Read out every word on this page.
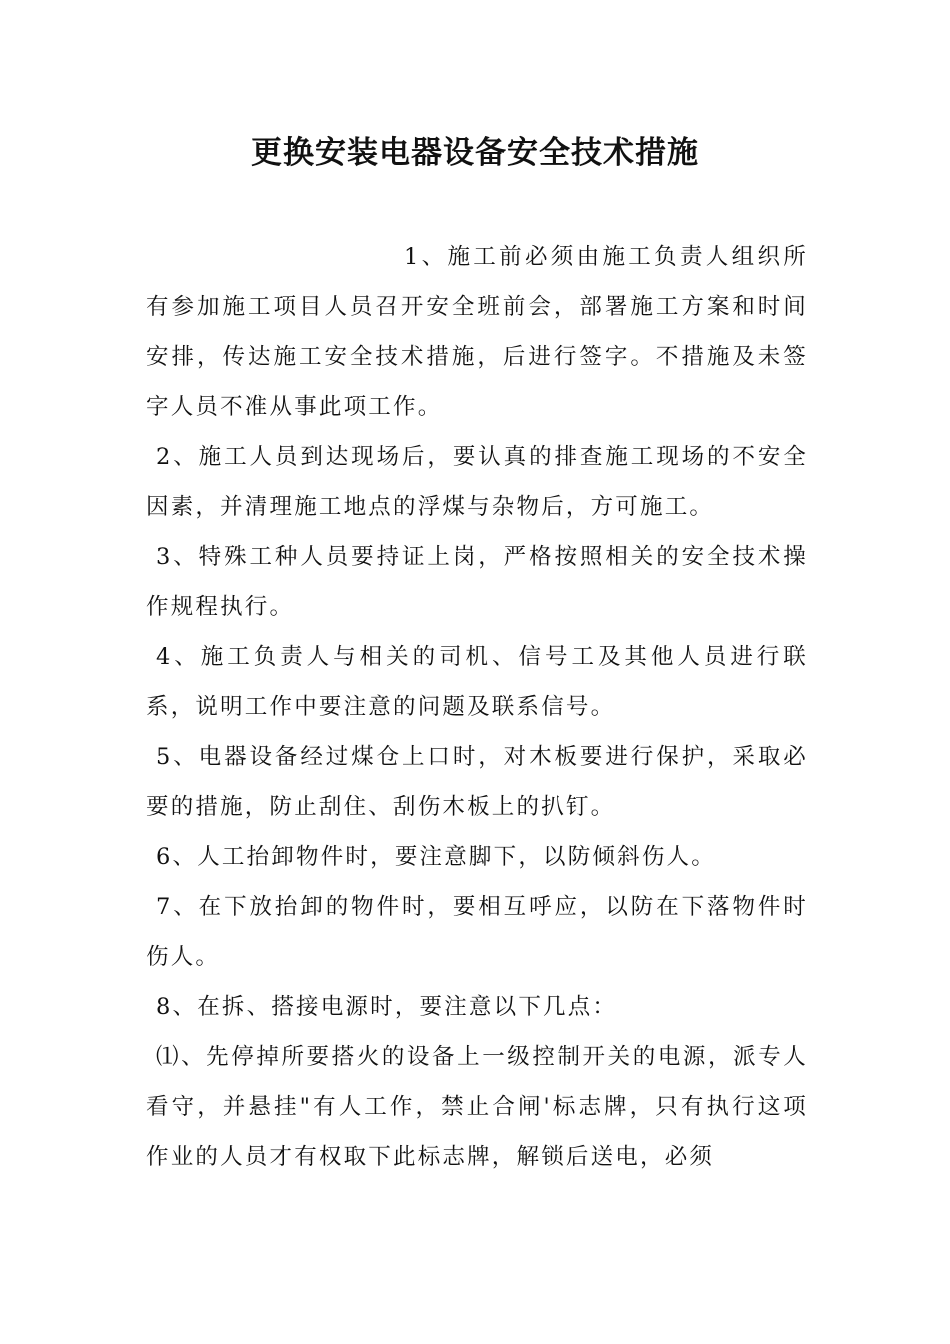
更换安装电器设备安全技术措施

1、施工前必须由施工负责人组织所有参加施工项目人员召开安全班前会，部署施工方案和时间安排，传达施工安全技术措施，后进行签字。不措施及未签字人员不准从事此项工作。

2、施工人员到达现场后，要认真的排查施工现场的不安全因素，并清理施工地点的浮煤与杂物后，方可施工。

3、特殊工种人员要持证上岗，严格按照相关的安全技术操作规程执行。

4、施工负责人与相关的司机、信号工及其他人员进行联系，说明工作中要注意的问题及联系信号。

5、电器设备经过煤仓上口时，对木板要进行保护，采取必要的措施，防止刮住、刮伤木板上的扒钉。

6、人工抬卸物件时，要注意脚下，以防倾斜伤人。

7、在下放抬卸的物件时，要相互呼应，以防在下落物件时伤人。

8、在拆、搭接电源时，要注意以下几点：

⑴、先停掉所要搭火的设备上一级控制开关的电源，派专人看守，并悬挂"有人工作，禁止合闸'标志牌，只有执行这项作业的人员才有权取下此标志牌，解锁后送电，必须
